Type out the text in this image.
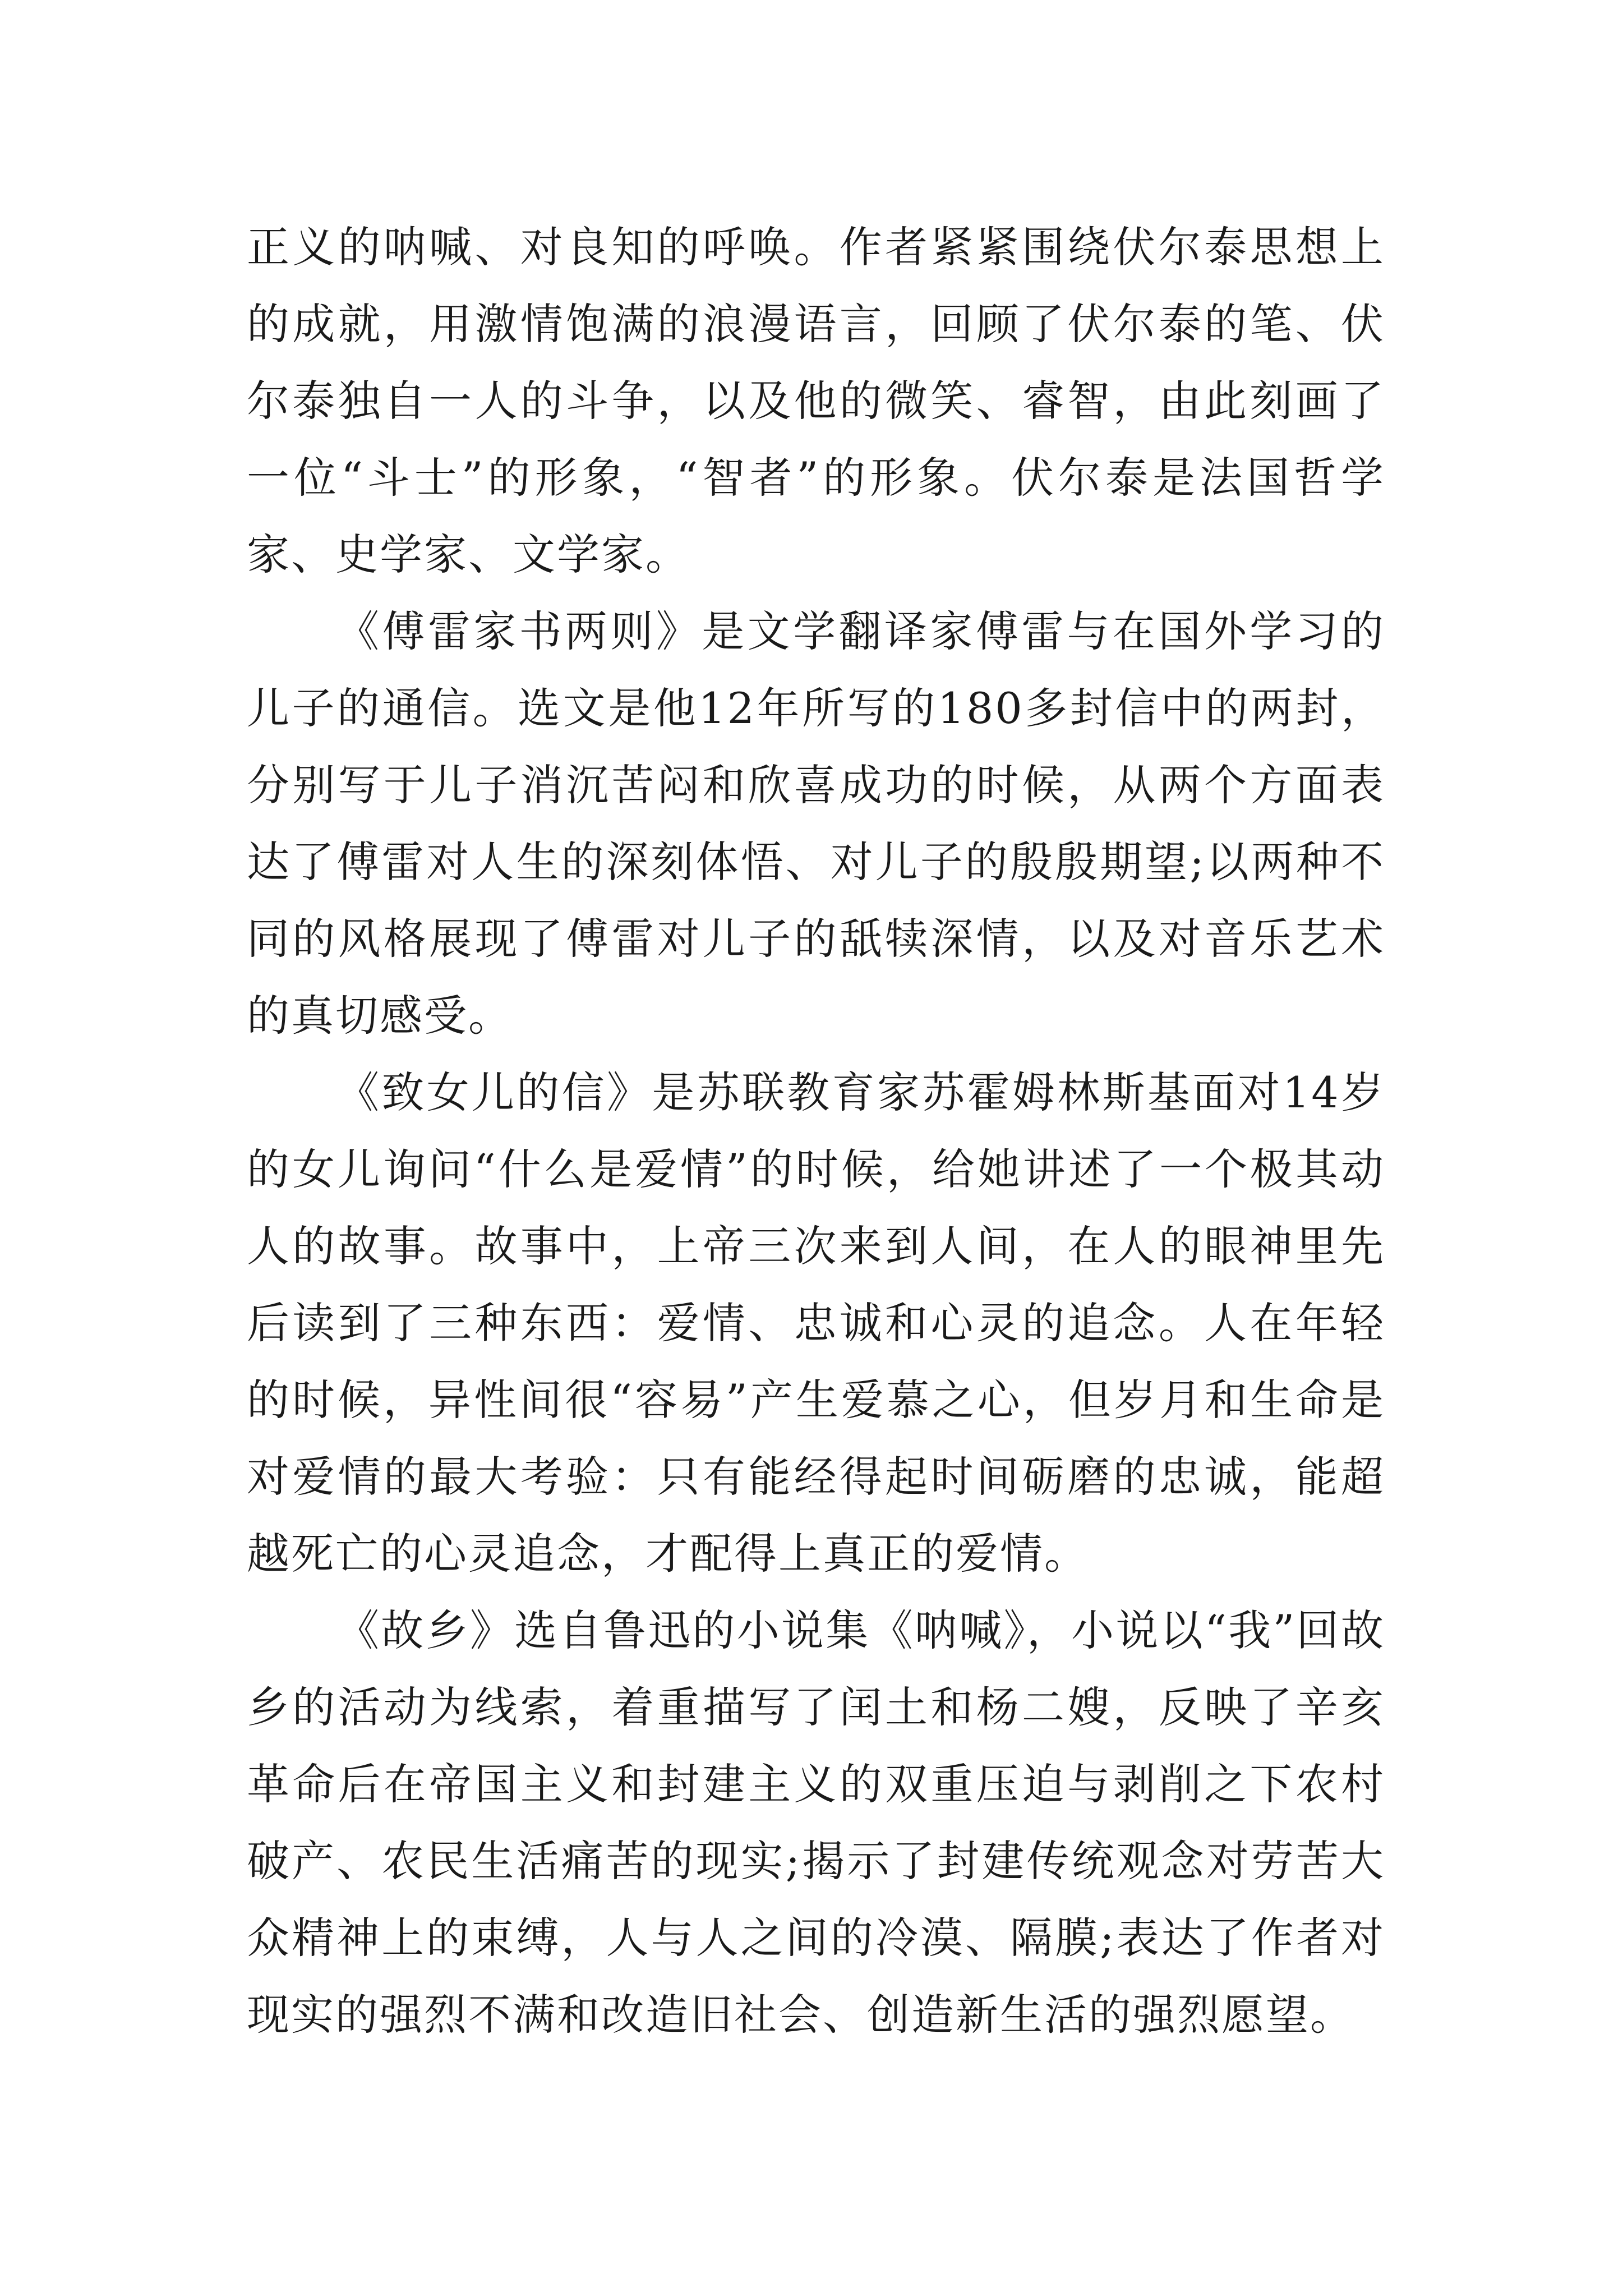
正义的呐喊、对良知的呼唤。作者紧紧围绕伏尔泰思想上的成就，用激情饱满的浪漫语言，回顾了伏尔泰的笔、伏尔泰独自一人的斗争，以及他的微笑、睿智，由此刻画了一位“斗士”的形象，“智者”的形象。伏尔泰是法国哲学家、史学家、文学家。

《傅雷家书两则》是文学翻译家傅雷与在国外学习的儿子的通信。选文是他12年所写的180多封信中的两封，分别写于儿子消沉苦闷和欣喜成功的时候，从两个方面表达了傅雷对人生的深刻体悟、对儿子的殷殷期望;以两种不同的风格展现了傅雷对儿子的舐犊深情，以及对音乐艺术的真切感受。

《致女儿的信》是苏联教育家苏霍姆林斯基面对14岁的女儿询问“什么是爱情”的时候，给她讲述了一个极其动人的故事。故事中，上帝三次来到人间，在人的眼神里先后读到了三种东西：爱情、忠诚和心灵的追念。人在年轻的时候，异性间很“容易”产生爱慕之心，但岁月和生命是对爱情的最大考验：只有能经得起时间砺磨的忠诚，能超越死亡的心灵追念，才配得上真正的爱情。

《故乡》选自鲁迅的小说集《呐喊》，小说以“我”回故乡的活动为线索，着重描写了闰土和杨二嫂，反映了辛亥革命后在帝国主义和封建主义的双重压迫与剥削之下农村破产、农民生活痛苦的现实;揭示了封建传统观念对劳苦大众精神上的束缚，人与人之间的冷漠、隔膜;表达了作者对现实的强烈不满和改造旧社会、创造新生活的强烈愿望。
